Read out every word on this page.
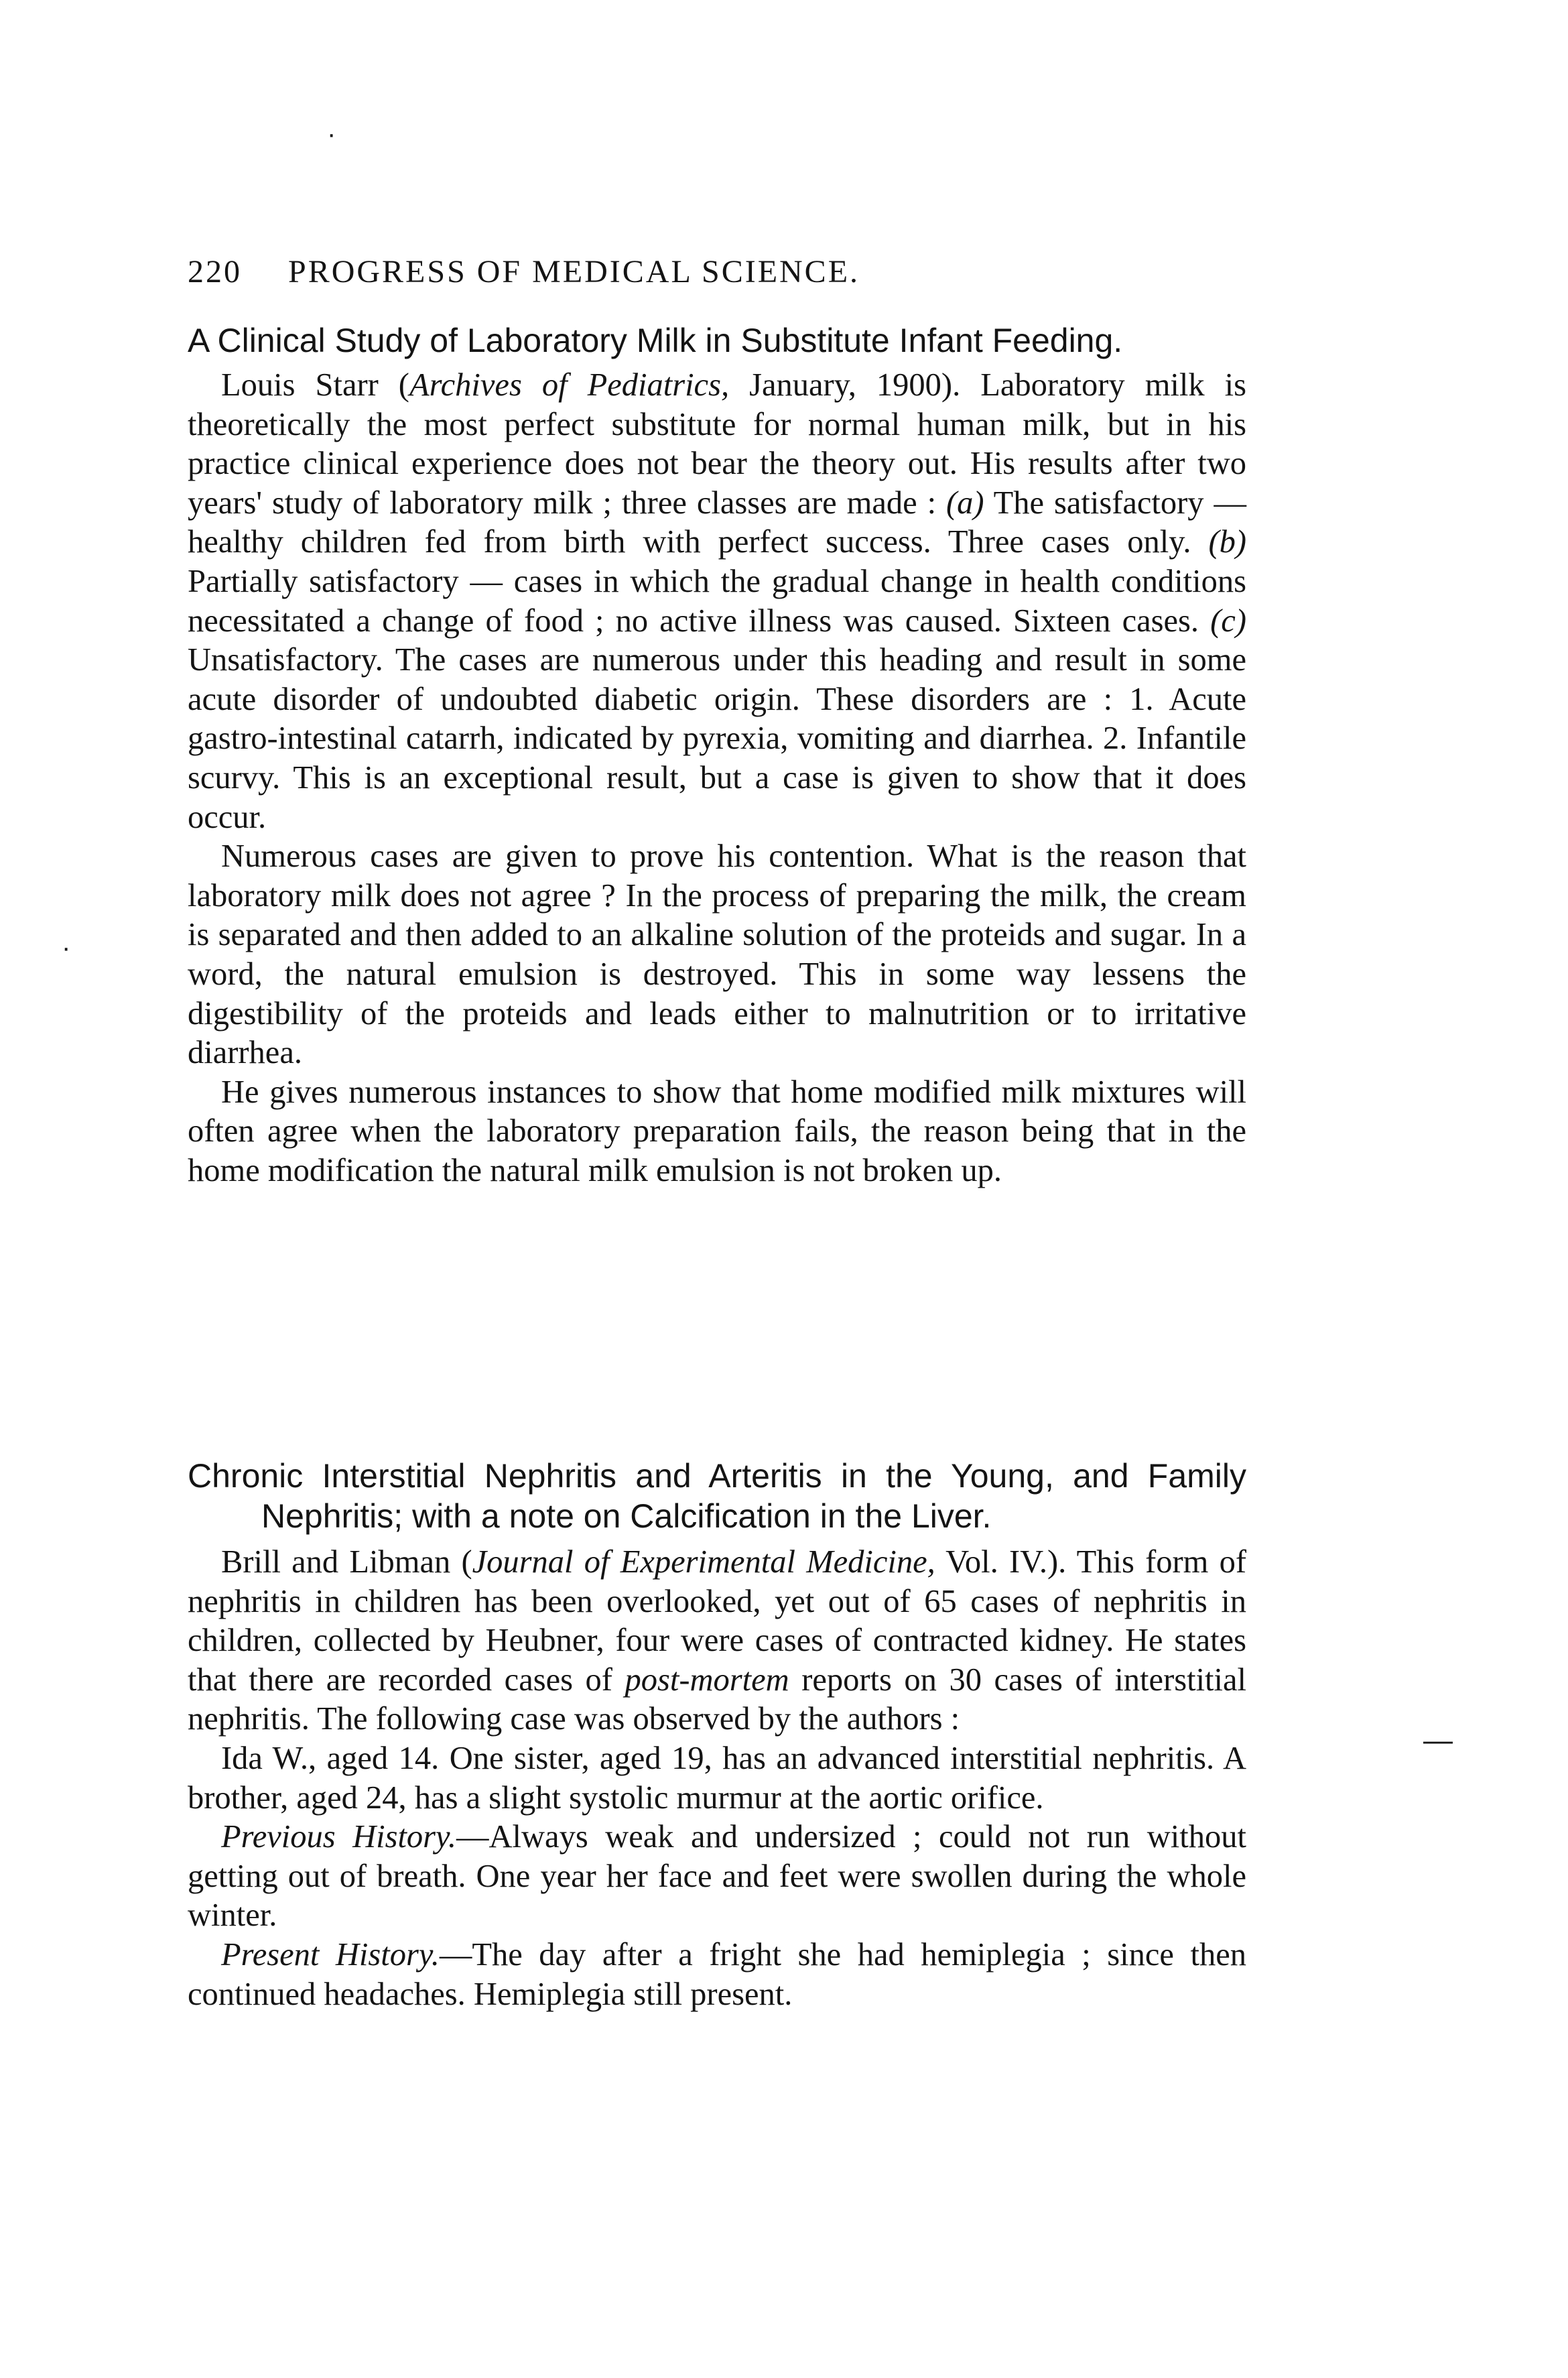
·
220 PROGRESS OF MEDICAL SCIENCE.

A Clinical Study of Laboratory Milk in Substitute Infant Feeding.

Louis Starr (Archives of Pediatrics, January, 1900). Laboratory milk is theoretically the most perfect substitute for normal human milk, but in his practice clinical experience does not bear the theory out. His results after two years' study of laboratory milk ; three classes are made : (a) The satisfactory —healthy children fed from birth with perfect success. Three cases only. (b) Partially satisfactory — cases in which the gradual change in health conditions necessitated a change of food ; no active illness was caused. Sixteen cases. (c) Unsatisfactory. The cases are numerous under this heading and result in some acute disorder of undoubted diabetic origin. These disorders are : 1. Acute gastro-intestinal catarrh, indicated by pyrexia, vomiting and diarrhea. 2. Infantile scurvy. This is an exceptional result, but a case is given to show that it does occur.

Numerous cases are given to prove his contention. What is the reason that laboratory milk does not agree ? In the process of preparing the milk, the cream is separated and then added to an alkaline solution of the proteids and sugar. In a word, the natural emulsion is destroyed. This in some way lessens the digestibility of the proteids and leads either to malnutrition or to irritative diarrhea.

He gives numerous instances to show that home modified milk mixtures will often agree when the laboratory preparation fails, the reason being that in the home modification the natural milk emulsion is not broken up.

Chronic Interstitial Nephritis and Arteritis in the Young, and Family Nephritis; with a note on Calcification in the Liver.

Brill and Libman (Journal of Experimental Medicine, Vol. IV.). This form of nephritis in children has been overlooked, yet out of 65 cases of nephritis in children, collected by Heubner, four were cases of contracted kidney. He states that there are recorded cases of post-mortem reports on 30 cases of interstitial nephritis. The following case was observed by the authors :

Ida W., aged 14. One sister, aged 19, has an advanced interstitial nephritis. A brother, aged 24, has a slight systolic murmur at the aortic orifice.

Previous History.—Always weak and undersized ; could not run without getting out of breath. One year her face and feet were swollen during the whole winter.

Present History.—The day after a fright she had hemiplegia ; since then continued headaches. Hemiplegia still present.

·
—
